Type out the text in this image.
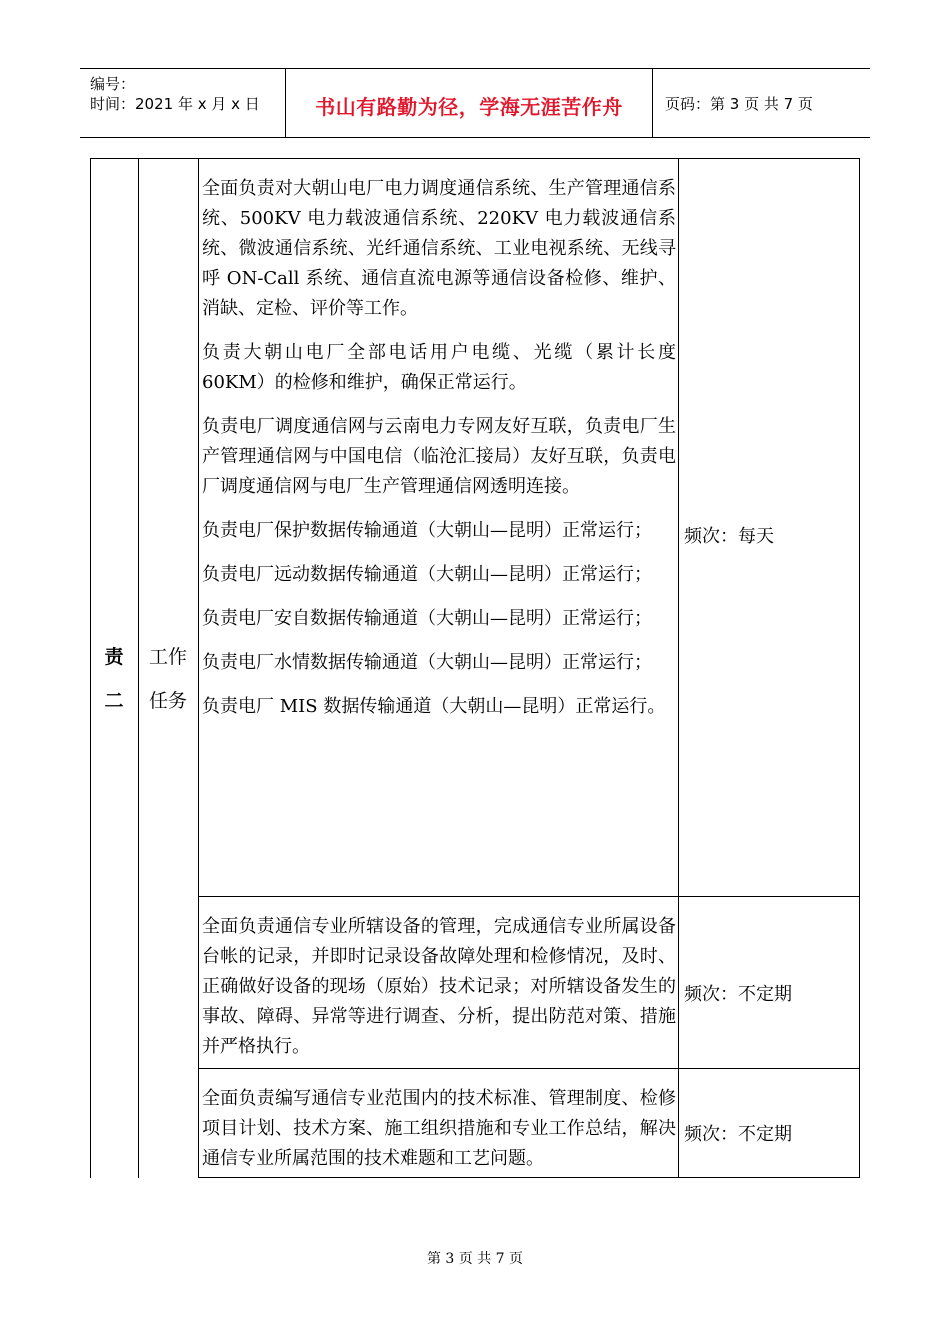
编号：
时间：2021 年 x 月 x 日	书山有路勤为径，学海无涯苦作舟	页码：第 3 页 共 7 页
责
二
工作
任务

全面负责对大朝山电厂电力调度通信系统、生产管理通信系统、500KV 电力载波通信系统、220KV 电力载波通信系统、微波通信系统、光纤通信系统、工业电视系统、无线寻呼 ON-Call 系统、通信直流电源等通信设备检修、维护、消缺、定检、评价等工作。

负责大朝山电厂全部电话用户电缆、光缆（累计长度 60KM）的检修和维护，确保正常运行。

负责电厂调度通信网与云南电力专网友好互联，负责电厂生产管理通信网与中国电信（临沧汇接局）友好互联，负责电厂调度通信网与电厂生产管理通信网透明连接。

负责电厂保护数据传输通道（大朝山—昆明）正常运行；

负责电厂远动数据传输通道（大朝山—昆明）正常运行；

负责电厂安自数据传输通道（大朝山—昆明）正常运行；

负责电厂水情数据传输通道（大朝山—昆明）正常运行；

负责电厂 MIS 数据传输通道（大朝山—昆明）正常运行。

频次：每天

全面负责通信专业所辖设备的管理，完成通信专业所属设备台帐的记录，并即时记录设备故障处理和检修情况，及时、正确做好设备的现场（原始）技术记录；对所辖设备发生的事故、障碍、异常等进行调查、分析，提出防范对策、措施并严格执行。

频次：不定期

全面负责编写通信专业范围内的技术标准、管理制度、检修项目计划、技术方案、施工组织措施和专业工作总结，解决通信专业所属范围的技术难题和工艺问题。

频次：不定期
第 3 页 共 7 页
